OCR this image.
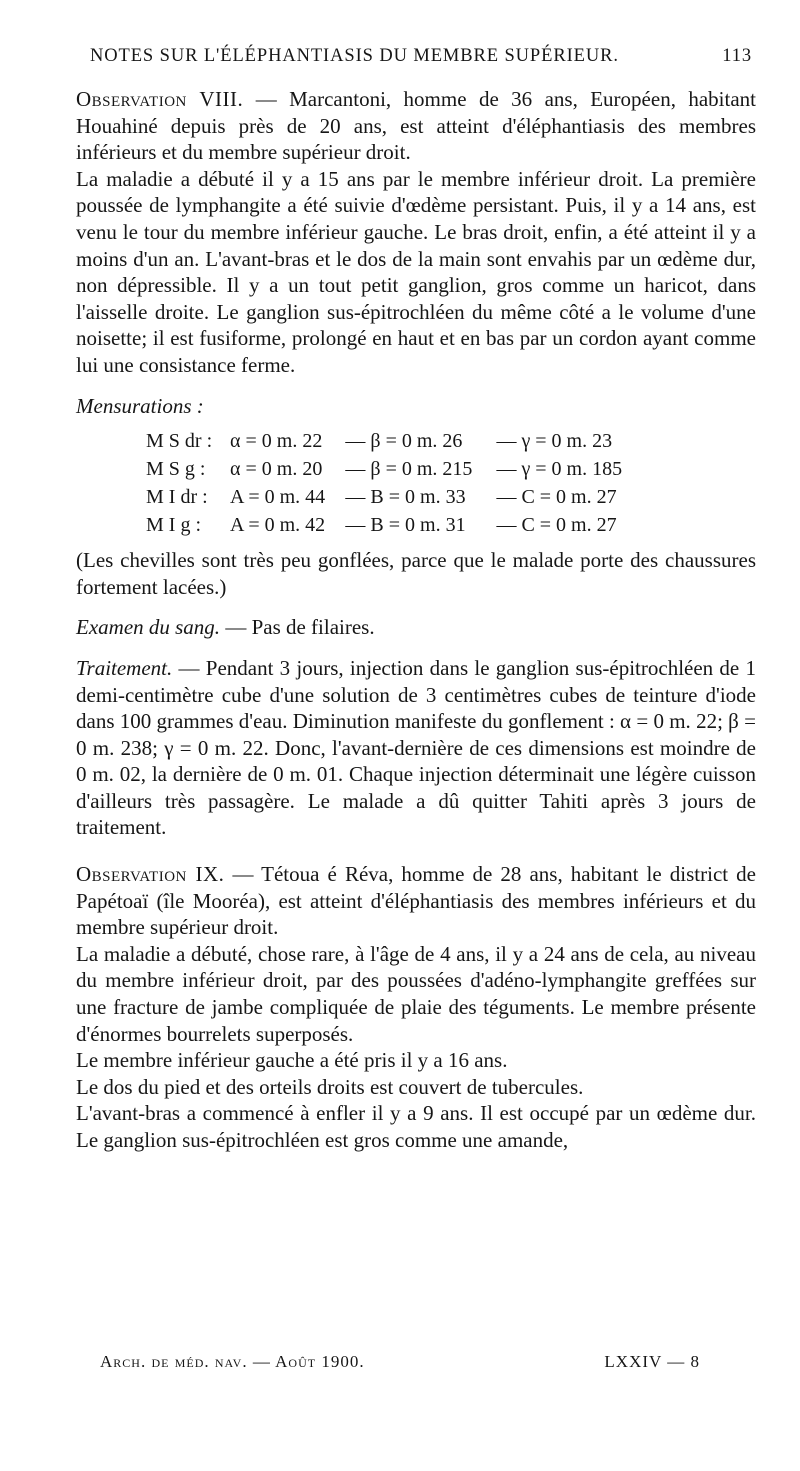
NOTES SUR L'ÉLÉPHANTIASIS DU MEMBRE SUPÉRIEUR.	113

Observation VIII. — Marcantoni, homme de 36 ans, Européen, habitant Houahiné depuis près de 20 ans, est atteint d'éléphantiasis des membres inférieurs et du membre supérieur droit.

La maladie a débuté il y a 15 ans par le membre inférieur droit. La première poussée de lymphangite a été suivie d'œdème persistant. Puis, il y a 14 ans, est venu le tour du membre inférieur gauche. Le bras droit, enfin, a été atteint il y a moins d'un an. L'avant-bras et le dos de la main sont envahis par un œdème dur, non dépressible. Il y a un tout petit ganglion, gros comme un haricot, dans l'aisselle droite. Le ganglion sus-épitrochléen du même côté a le volume d'une noisette; il est fusiforme, prolongé en haut et en bas par un cordon ayant comme lui une consistance ferme.

Mensurations :

M S dr :	α = 0 m. 22	— β = 0 m. 26	— γ = 0 m. 23
M S g :	α = 0 m. 20	— β = 0 m. 215	— γ = 0 m. 185
M I dr :	A = 0 m. 44	— B = 0 m. 33	— C = 0 m. 27
M I g :	A = 0 m. 42	— B = 0 m. 31	— C = 0 m. 27

(Les chevilles sont très peu gonflées, parce que le malade porte des chaussures fortement lacées.)

Examen du sang. — Pas de filaires.

Traitement. — Pendant 3 jours, injection dans le ganglion sus-épitrochléen de 1 demi-centimètre cube d'une solution de 3 centimètres cubes de teinture d'iode dans 100 grammes d'eau. Diminution manifeste du gonflement : α = 0 m. 22; β = 0 m. 238; γ = 0 m. 22. Donc, l'avant-dernière de ces dimensions est moindre de 0 m. 02, la dernière de 0 m. 01. Chaque injection déterminait une légère cuisson d'ailleurs très passagère. Le malade a dû quitter Tahiti après 3 jours de traitement.

Observation IX. — Tétoua é Réva, homme de 28 ans, habitant le district de Papétoaï (île Mooréa), est atteint d'éléphantiasis des membres inférieurs et du membre supérieur droit.

La maladie a débuté, chose rare, à l'âge de 4 ans, il y a 24 ans de cela, au niveau du membre inférieur droit, par des poussées d'adéno-lymphangite greffées sur une fracture de jambe compliquée de plaie des téguments. Le membre présente d'énormes bourrelets superposés.

Le membre inférieur gauche a été pris il y a 16 ans.

Le dos du pied et des orteils droits est couvert de tubercules.

L'avant-bras a commencé à enfler il y a 9 ans. Il est occupé par un œdème dur. Le ganglion sus-épitrochléen est gros comme une amande,

Arch. de méd. nav. — Août 1900.	LXXIV — 8
